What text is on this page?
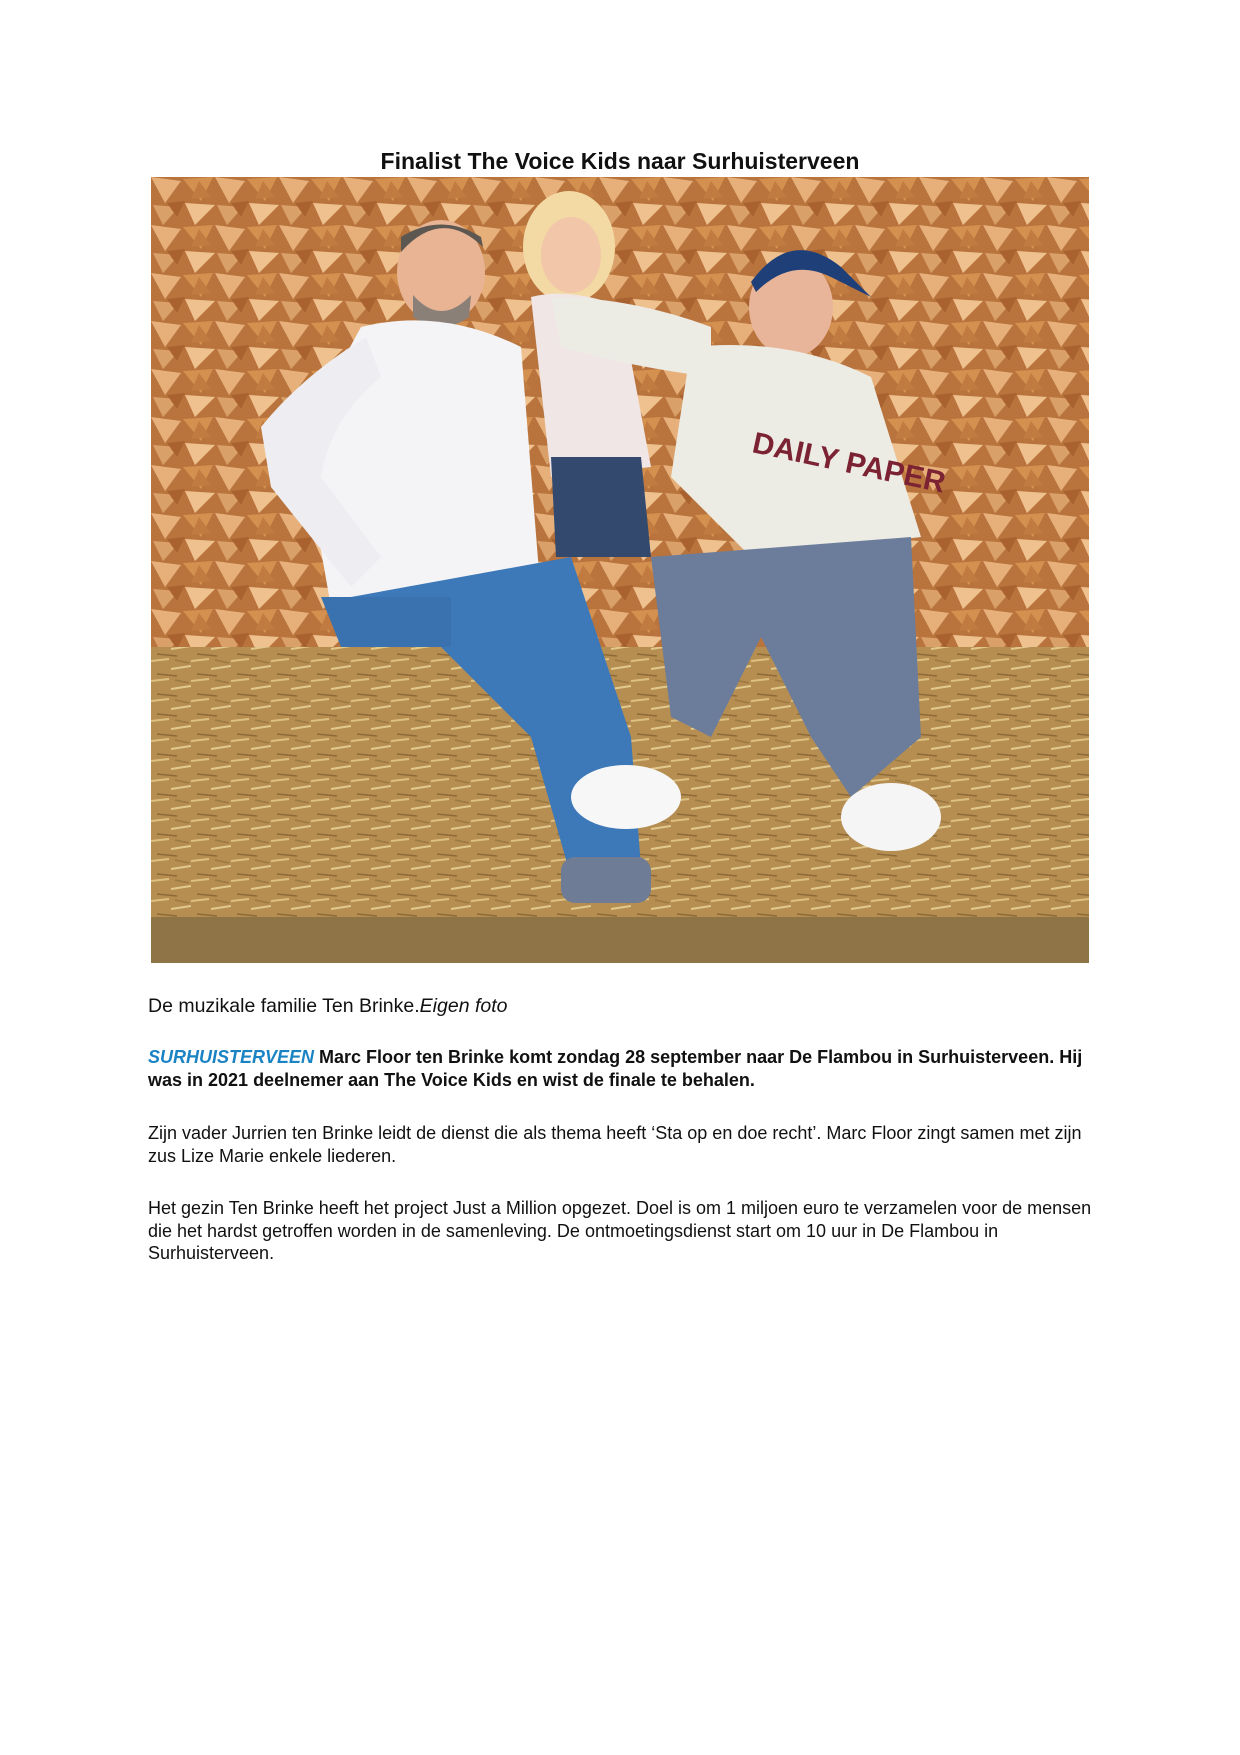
Finalist The Voice Kids naar Surhuisterveen
DAILY PAPER
De muzikale familie Ten Brinke.Eigen foto
SURHUISTERVEEN Marc Floor ten Brinke komt zondag 28 september naar De Flambou in Surhuisterveen. Hij was in 2021 deelnemer aan The Voice Kids en wist de finale te behalen.
Zijn vader Jurrien ten Brinke leidt de dienst die als thema heeft ‘Sta op en doe recht’. Marc Floor zingt samen met zijn zus Lize Marie enkele liederen.
Het gezin Ten Brinke heeft het project Just a Million opgezet. Doel is om 1 miljoen euro te verzamelen voor de mensen die het hardst getroffen worden in de samenleving. De ontmoetingsdienst start om 10 uur in De Flambou in Surhuisterveen.
